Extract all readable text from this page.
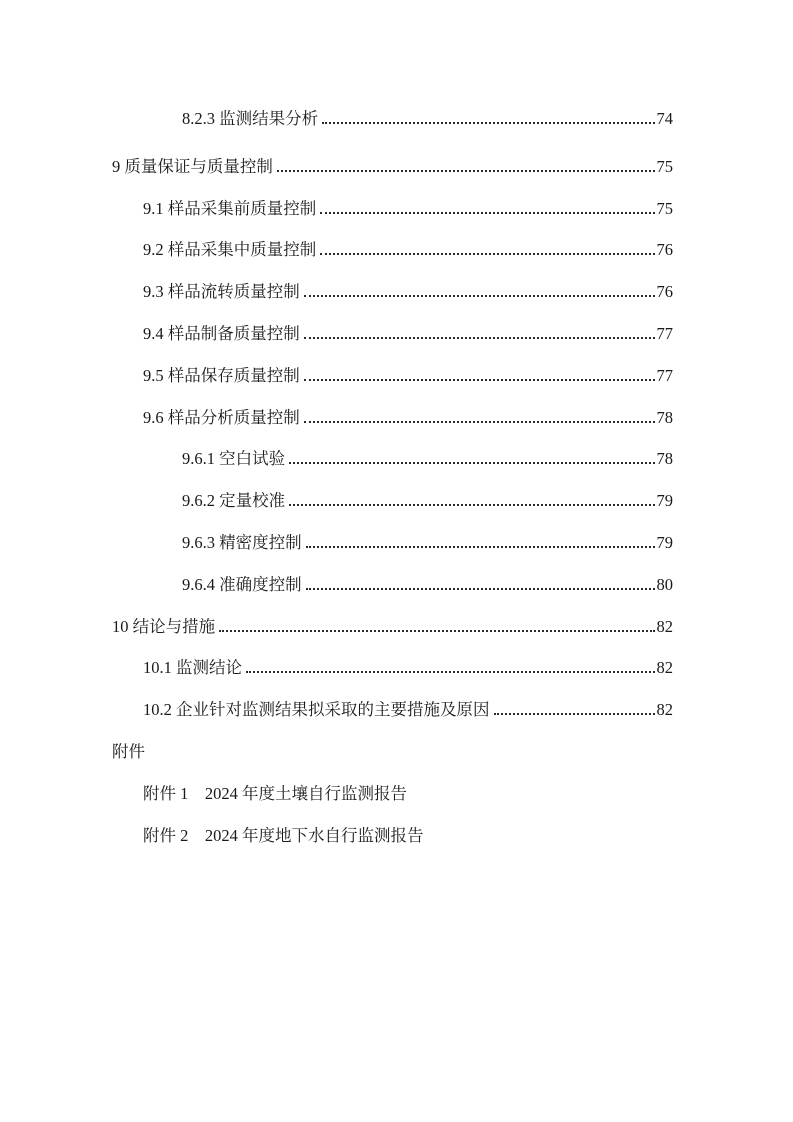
8.2.3 监测结果分析	74
9 质量保证与质量控制	75
9.1 样品采集前质量控制	75
9.2 样品采集中质量控制	76
9.3 样品流转质量控制	76
9.4 样品制备质量控制	77
9.5 样品保存质量控制	77
9.6 样品分析质量控制	78
9.6.1 空白试验	78
9.6.2 定量校准	79
9.6.3 精密度控制	79
9.6.4 准确度控制	80
10 结论与措施	82
10.1 监测结论	82
10.2 企业针对监测结果拟采取的主要措施及原因	82
附件
附件 1　2024 年度土壤自行监测报告
附件 2　2024 年度地下水自行监测报告
